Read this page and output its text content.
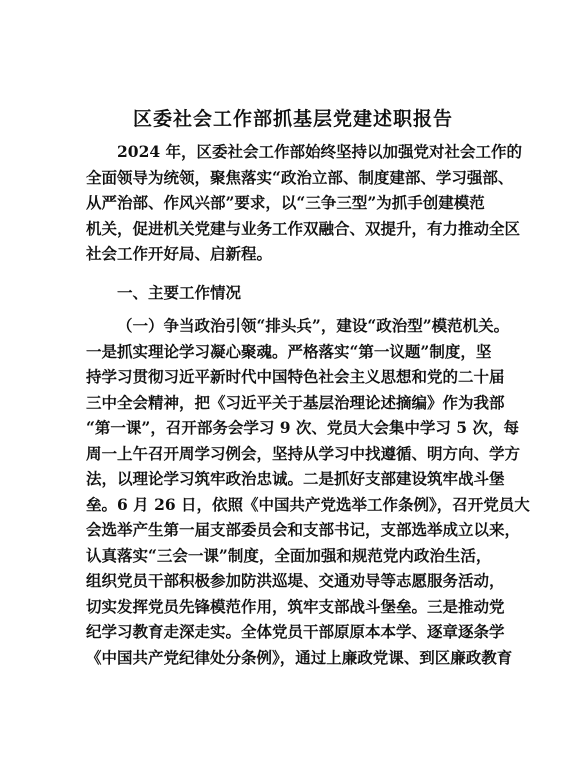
区委社会工作部抓基层党建述职报告

2024 年，区委社会工作部始终坚持以加强党对社会工作的
全面领导为统领，聚焦落实“政治立部、制度建部、学习强部、
从严治部、作风兴部”要求，以“三争三型”为抓手创建模范
机关，促进机关党建与业务工作双融合、双提升，有力推动全区
社会工作开好局、启新程。

一、主要工作情况

（一）争当政治引领“排头兵”，建设“政治型”模范机关。
一是抓实理论学习凝心聚魂。严格落实“第一议题”制度，坚
持学习贯彻习近平新时代中国特色社会主义思想和党的二十届
三中全会精神，把《习近平关于基层治理论述摘编》作为我部
“第一课”，召开部务会学习 9 次、党员大会集中学习 5 次，每
周一上午召开周学习例会，坚持从学习中找遵循、明方向、学方
法，以理论学习筑牢政治忠诚。二是抓好支部建设筑牢战斗堡
垒。6 月 26 日，依照《中国共产党选举工作条例》，召开党员大
会选举产生第一届支部委员会和支部书记，支部选举成立以来，
认真落实“三会一课”制度，全面加强和规范党内政治生活，
组织党员干部积极参加防洪巡堤、交通劝导等志愿服务活动，
切实发挥党员先锋模范作用，筑牢支部战斗堡垒。三是推动党
纪学习教育走深走实。全体党员干部原原本本学、逐章逐条学
《中国共产党纪律处分条例》，通过上廉政党课、到区廉政教育
